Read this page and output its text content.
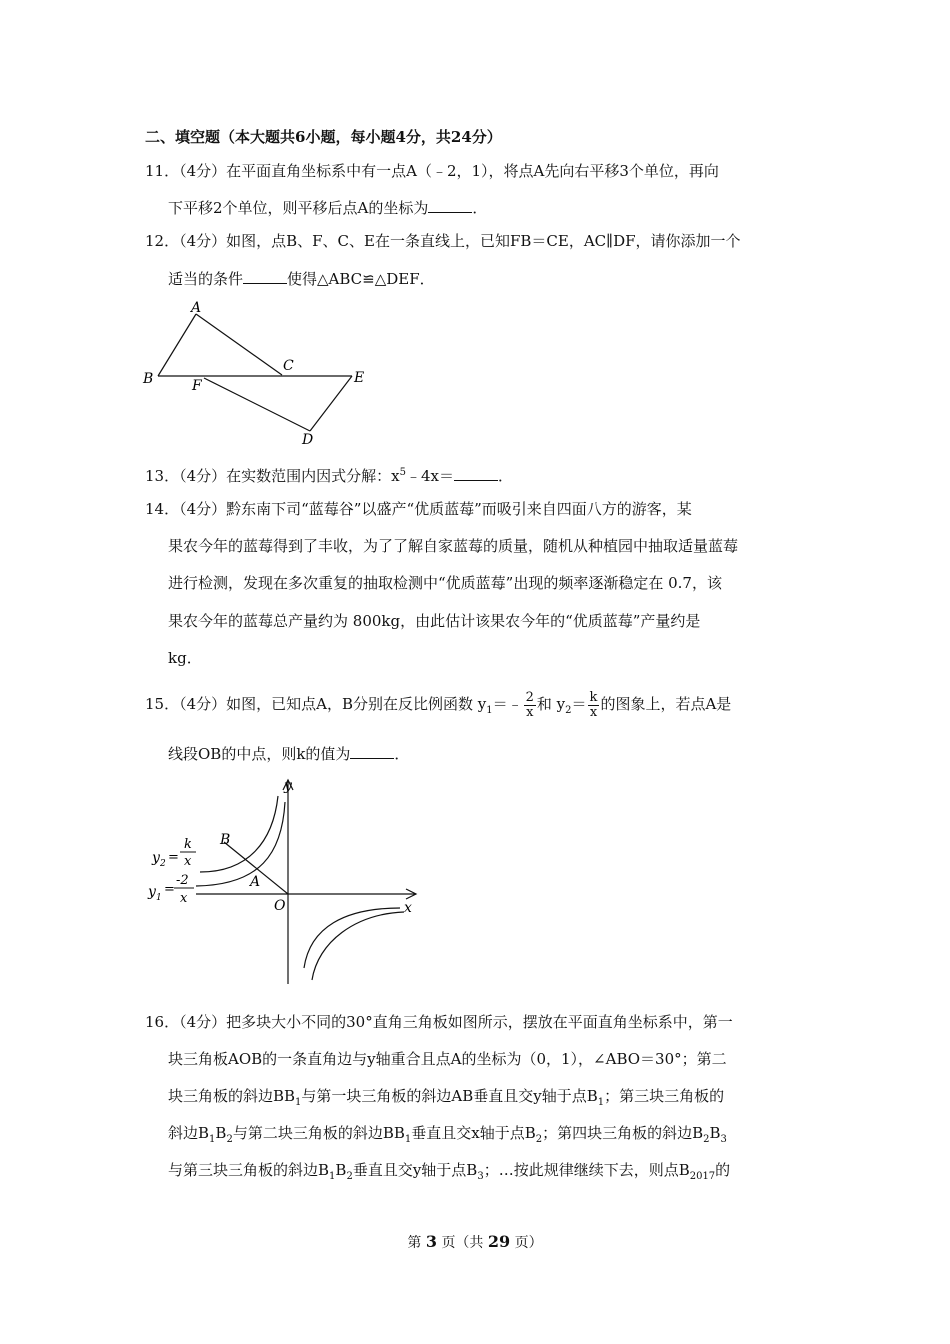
二、填空题（本大题共6小题，每小题4分，共24分）
11．（4分）在平面直角坐标系中有一点A（﹣2，1），将点A先向右平移3个单位，再向
下平移2个单位，则平移后点A的坐标为	．
12．（4分）如图，点B、F、C、E在一条直线上，已知FB＝CE，AC∥DF，请你添加一个
适当的条件	使得△ABC≌△DEF．
A
B
C
D
E
F
13．（4分）在实数范围内因式分解：$x^5﹣4x=$	．
14．（4分）黔东南下司“蓝莓谷”以盛产“优质蓝莓”而吸引来自四面八方的游客，某
果农今年的蓝莓得到了丰收，为了了解自家蓝莓的质量，随机从种植园中抽取适量蓝莓
进行检测，发现在多次重复的抽取检测中“优质蓝莓”出现的频率逐渐稳定在 0.7，该
果农今年的蓝莓总产量约为 800kg，由此估计该果农今年的“优质蓝莓”产量约是
kg．
15．（4分）如图，已知点A，B分别在反比例函数 $y_1=﹣ \frac{2}{x}$ 和 $y_2= \frac{k}{x}$ 的图象上，若点A是
线段OB的中点，则k的值为	．
y
x
O
A
B
y 2 =
k
x
y 1
=
-2
x
16．（4分）把多块大小不同的30°直角三角板如图所示，摆放在平面直角坐标系中，第一
块三角板AOB的一条直角边与y轴重合且点A的坐标为（0，1），∠ABO＝30°；第二
块三角板的斜边$BB_1$与第一块三角板的斜边AB垂直且交y轴于点$B_1$；第三块三角板的
斜边$B_1B_2$与第二块三角板的斜边$BB_1$垂直且交x轴于点$B_2$；第四块三角板的斜边$B_2B_3$
与第三块三角板的斜边$B_1B_2$垂直且交y轴于点$B_3$；…按此规律继续下去，则点$B_{2017}$的
第 3 页（共 29 页）
